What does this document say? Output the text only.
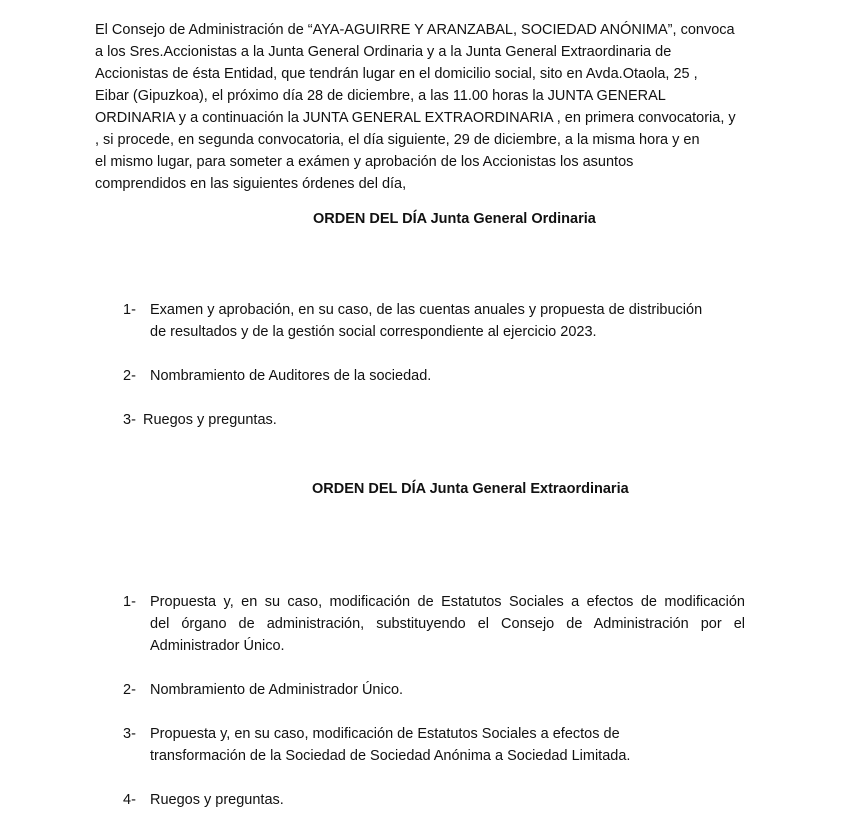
El Consejo de Administración de “AYA-AGUIRRE Y ARANZABAL, SOCIEDAD ANÓNIMA”, convoca
a los Sres.Accionistas a la Junta General Ordinaria y a la Junta General Extraordinaria de
Accionistas de ésta Entidad, que tendrán lugar en el domicilio social, sito en Avda.Otaola, 25 ,
Eibar (Gipuzkoa), el próximo día 28 de diciembre, a las 11.00 horas la JUNTA GENERAL
ORDINARIA y a continuación la JUNTA GENERAL EXTRAORDINARIA , en primera convocatoria, y
, si procede, en segunda convocatoria, el día siguiente, 29 de diciembre, a la misma hora y en
el mismo lugar, para someter a exámen y aprobación de los Accionistas los asuntos
comprendidos en las siguientes órdenes del día,
ORDEN DEL DÍA Junta General Ordinaria
1- Examen y aprobación, en su caso, de las cuentas anuales y propuesta de distribución
de resultados y de la gestión social correspondiente al ejercicio 2023.
2- Nombramiento de Auditores de la sociedad.
3- Ruegos y preguntas.
ORDEN DEL DÍA Junta General Extraordinaria
1- Propuesta y, en su caso, modificación de Estatutos Sociales a efectos de modificación
del órgano de administración, substituyendo el Consejo de Administración por el
Administrador Único.
2- Nombramiento de Administrador Único.
3- Propuesta y, en su caso, modificación de Estatutos Sociales a efectos de
transformación de la Sociedad de Sociedad Anónima a Sociedad Limitada.
4- Ruegos y preguntas.
